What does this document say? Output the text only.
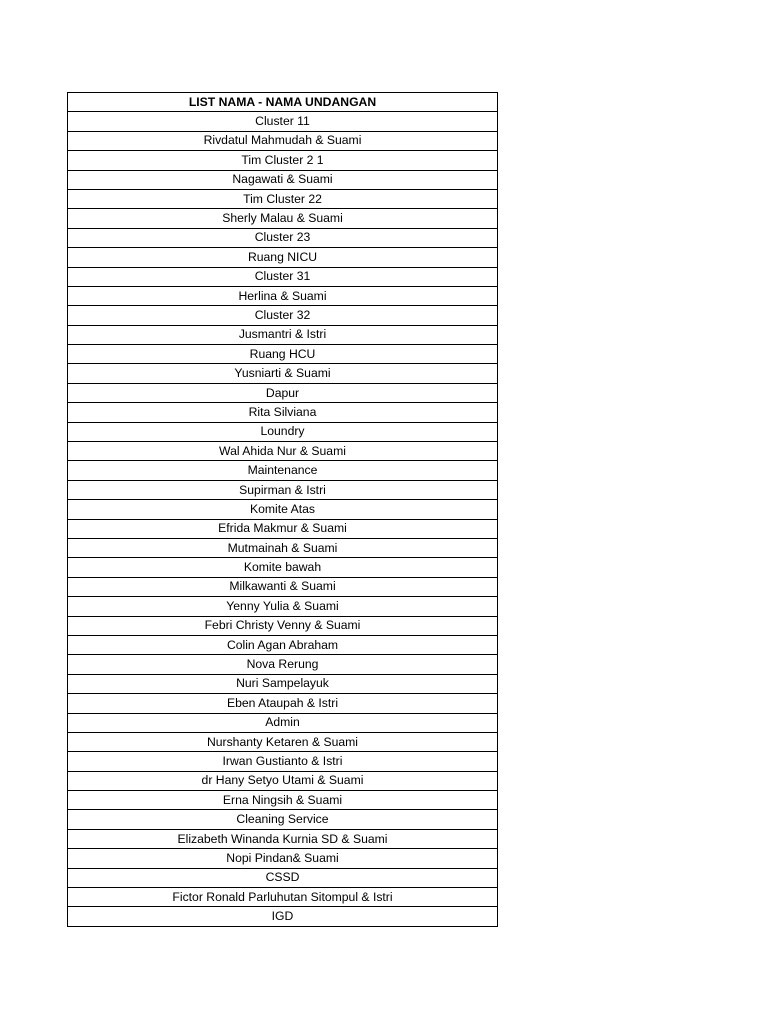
LIST NAMA - NAMA UNDANGAN
Cluster 11
Rivdatul Mahmudah & Suami
Tim Cluster 2 1
Nagawati & Suami
Tim Cluster 22
Sherly Malau & Suami
Cluster 23
Ruang NICU
Cluster 31
Herlina & Suami
Cluster 32
Jusmantri & Istri
Ruang HCU
Yusniarti & Suami
Dapur
Rita Silviana
Loundry
Wal Ahida Nur & Suami
Maintenance
Supirman & Istri
Komite Atas
Efrida Makmur & Suami
Mutmainah & Suami
Komite bawah
Milkawanti & Suami
Yenny Yulia & Suami
Febri Christy Venny & Suami
Colin Agan Abraham
Nova Rerung
Nuri Sampelayuk
Eben Ataupah & Istri
Admin
Nurshanty Ketaren & Suami
Irwan Gustianto & Istri
dr Hany Setyo Utami & Suami
Erna Ningsih & Suami
Cleaning Service
Elizabeth Winanda Kurnia SD & Suami
Nopi Pindan& Suami
CSSD
Fictor Ronald Parluhutan Sitompul & Istri
IGD
